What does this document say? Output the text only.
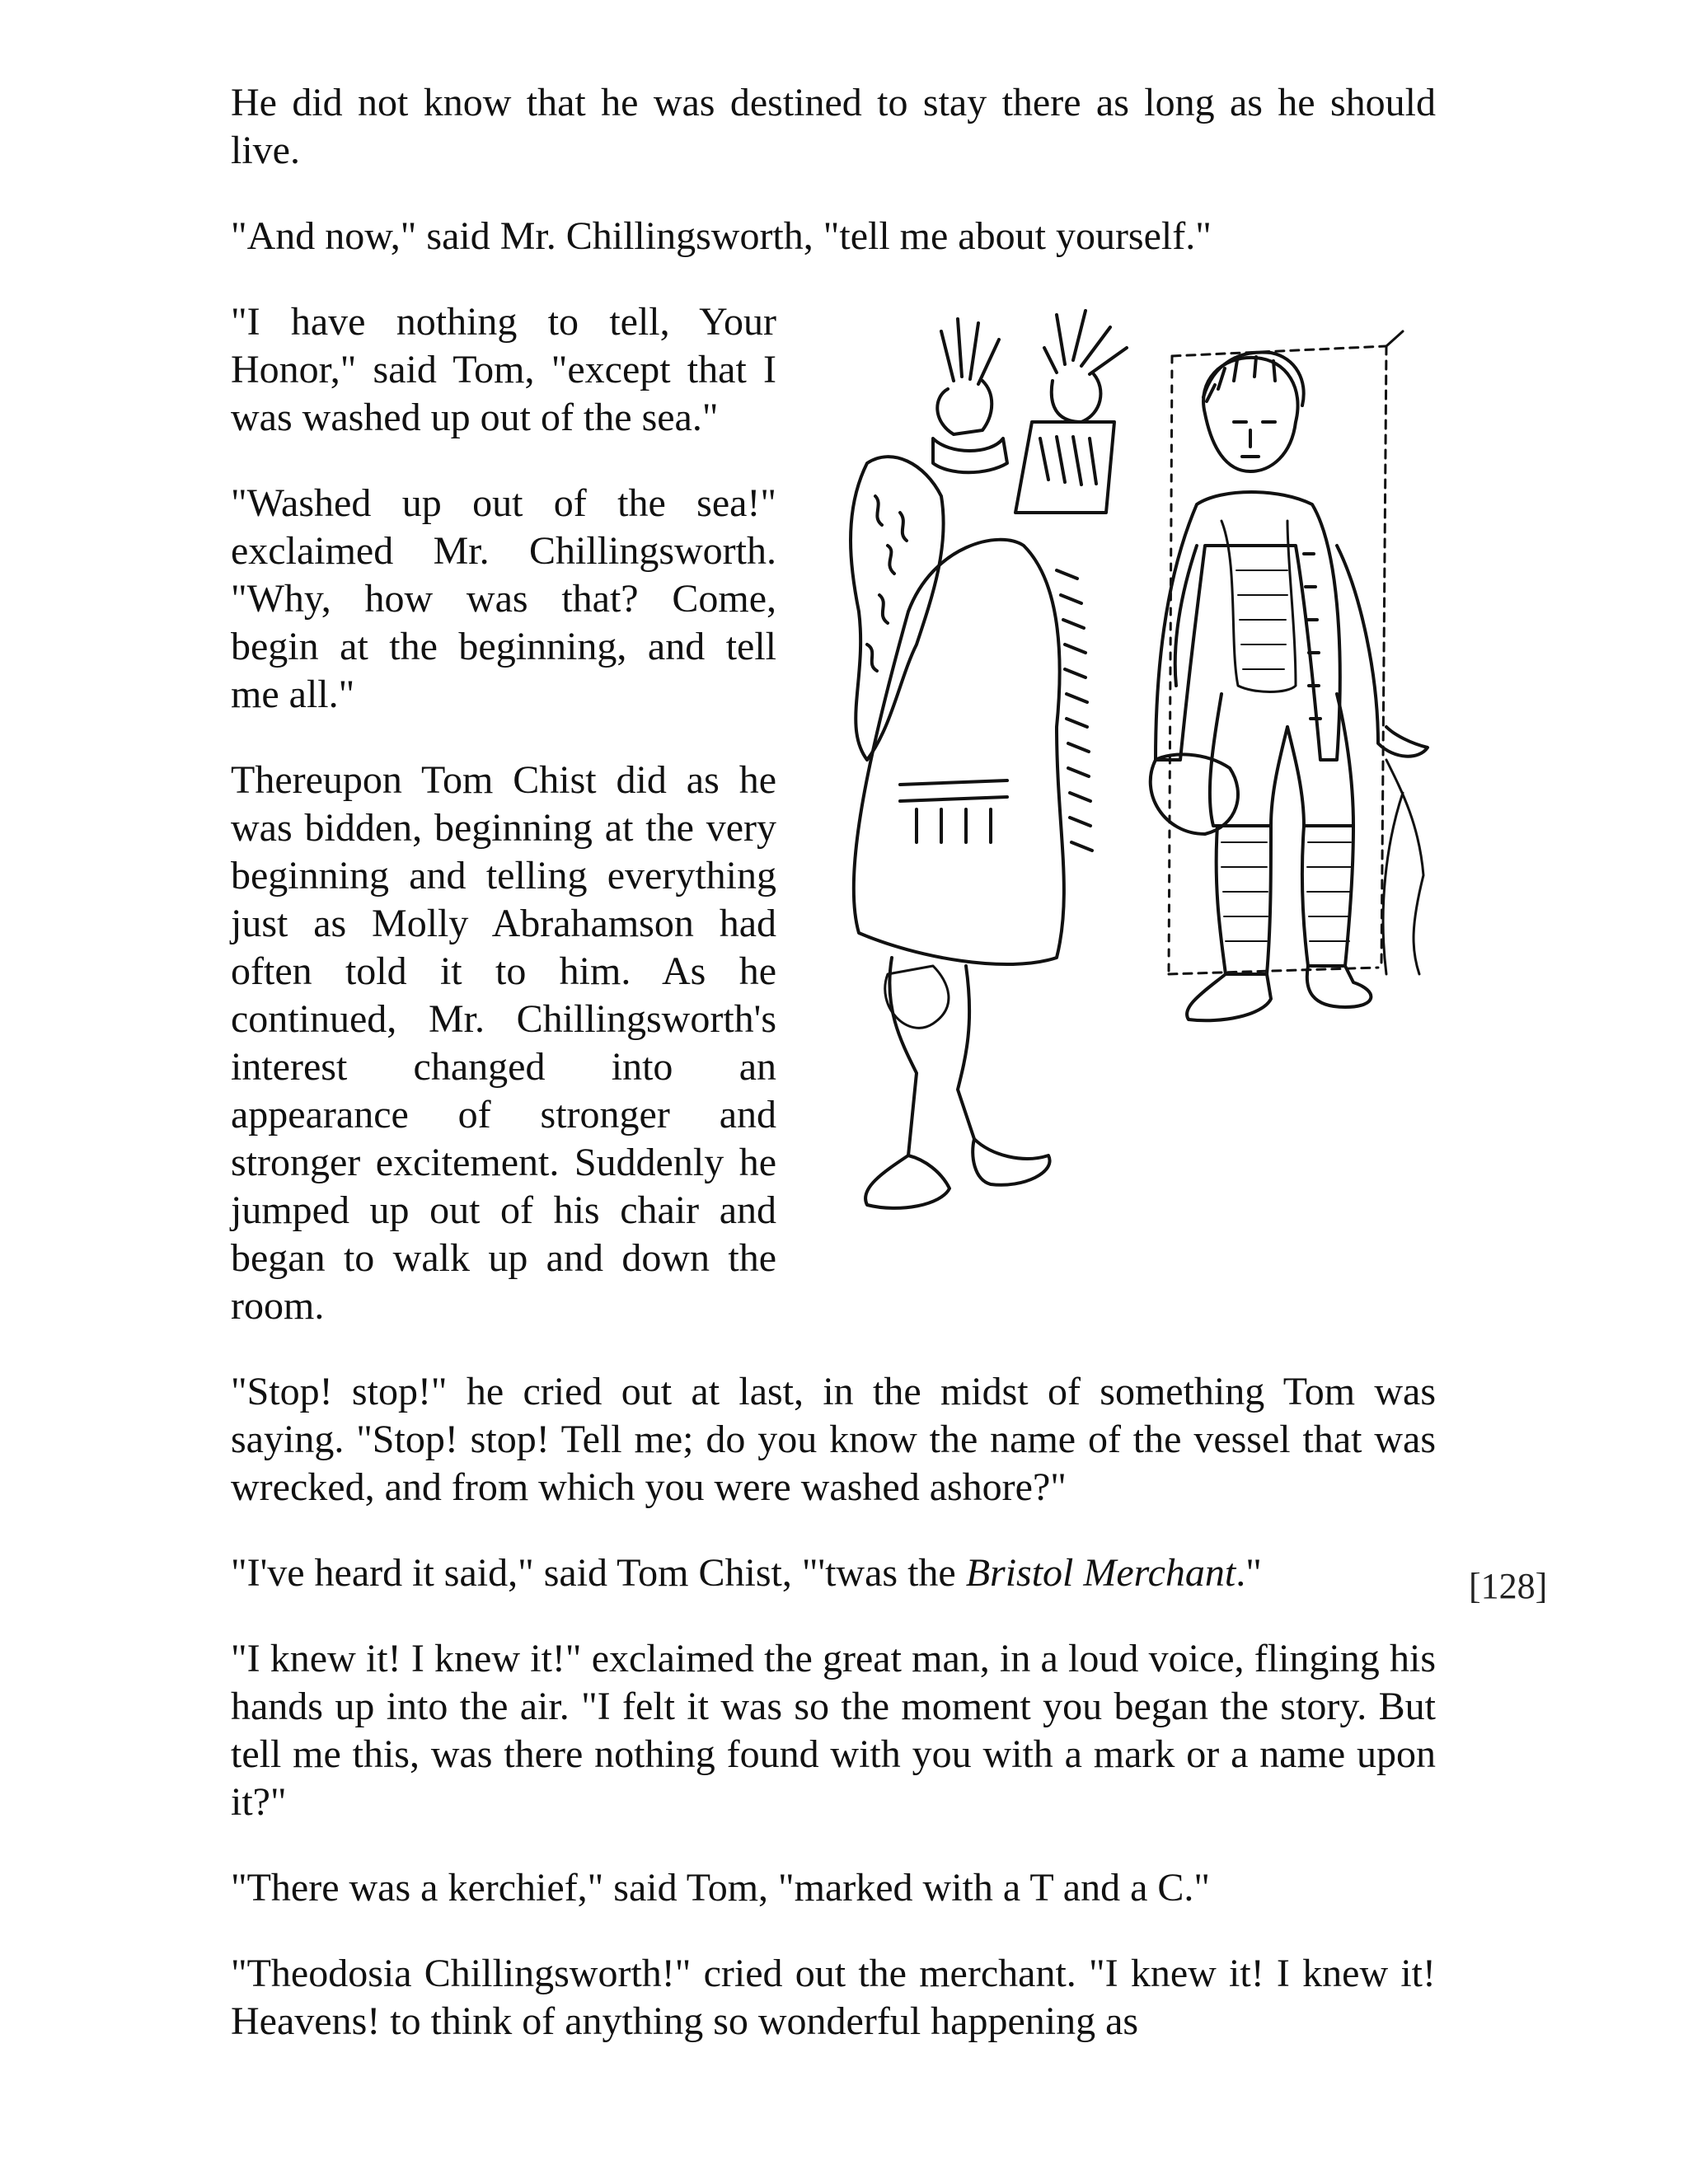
He did not know that he was destined to stay there as long as he should live.

"And now," said Mr. Chillingsworth, "tell me about yourself."

"I have nothing to tell, Your Honor," said Tom, "except that I was washed up out of the sea."

"Washed up out of the sea!" exclaimed Mr. Chillingsworth. "Why, how was that? Come, begin at the beginning, and tell me all."

Thereupon Tom Chist did as he was bidden, beginning at the very beginning and telling everything just as Molly Abrahamson had often told it to him. As he continued, Mr. Chillingsworth's interest changed into an appearance of stronger and stronger excitement. Suddenly he jumped up out of his chair and began to walk up and down the room.

"Stop! stop!" he cried out at last, in the midst of something Tom was saying. "Stop! stop! Tell me; do you know the name of the vessel that was wrecked, and from which you were washed ashore?"

"I've heard it said," said Tom Chist, "'twas the Bristol Merchant."

"I knew it! I knew it!" exclaimed the great man, in a loud voice, flinging his hands up into the air. "I felt it was so the moment you began the story. But tell me this, was there nothing found with you with a mark or a name upon it?"

"There was a kerchief," said Tom, "marked with a T and a C."

"Theodosia Chillingsworth!" cried out the merchant. "I knew it! I knew it! Heavens! to think of anything so wonderful happening as

[128]
